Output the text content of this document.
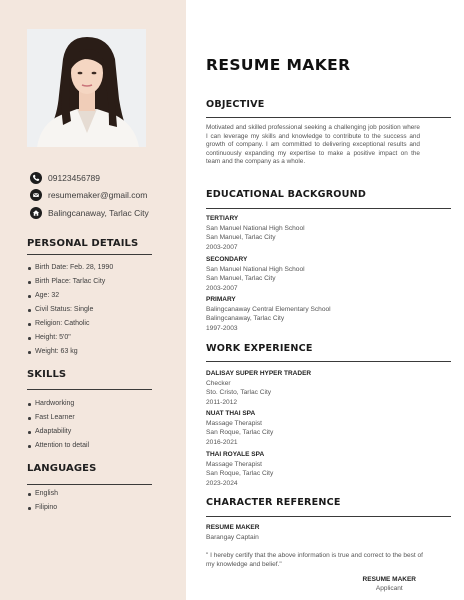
09123456789
resumemaker@gmail.com
Balingcanaway, Tarlac City
PERSONAL DETAILS
Birth Date: Feb. 28, 1990
Birth Place: Tarlac City
Age: 32
Civil Status: Single
Religion: Catholic
Height: 5'0"
Weight: 63 kg
SKILLS
Hardworking
Fast Learner
Adaptability
Attention to detail
LANGUAGES
English
Filipino
RESUME MAKER
OBJECTIVE
Motivated and skilled professional seeking a challenging job position where I can leverage my skills and knowledge to contribute to the success and growth of company. I am committed to delivering exceptional results and continuously expanding my expertise to make a positive impact on the team and the company as a whole.
EDUCATIONAL BACKGROUND
TERTIARY
San Manuel National High School
San Manuel, Tarlac City
2003-2007
SECONDARY
San Manuel National High School
San Manuel, Tarlac City
2003-2007
PRIMARY
Balingcanaway Central Elementary School
Balingcanaway, Tarlac City
1997-2003
WORK EXPERIENCE
DALISAY SUPER HYPER TRADER
Checker
Sto. Cristo, Tarlac City
2011-2012
NUAT THAI SPA
Massage Therapist
San Roque, Tarlac City
2016-2021
THAI ROYALE SPA
Massage Therapist
San Roque, Tarlac City
2023-2024
CHARACTER REFERENCE
RESUME MAKER
Barangay Captain
" I hereby certify that the above information is true and correct to the best of my knowledge and belief."
RESUME MAKER
Applicant
